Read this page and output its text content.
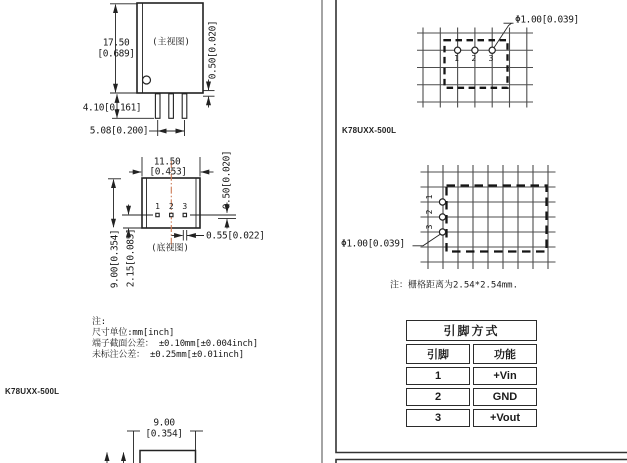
17.50
[0.689]
(主视图) 0.50[0.020]
4.10[0.161]
5.08[0.200]
11.50
[0.453]	0.50[0.020]
1 2 3
0.55[0.022]
9.00[0.354] 2.15[0.085] (底视图)
注:
尺寸单位:mm[inch]
端子截面公差： ±0.10mm[±0.004inch]
未标注公差： ±0.25mm[±0.01inch]
K78UXX-500L
K78UXX-500L
9.00
[0.354]
Φ1.00[0.039]
1 2 3
1
2
3
Φ1.00[0.039]
注：栅格距离为2.54*2.54mm.
引脚方式	
引脚	功能
1	+Vin
2	GND
3	+Vout
